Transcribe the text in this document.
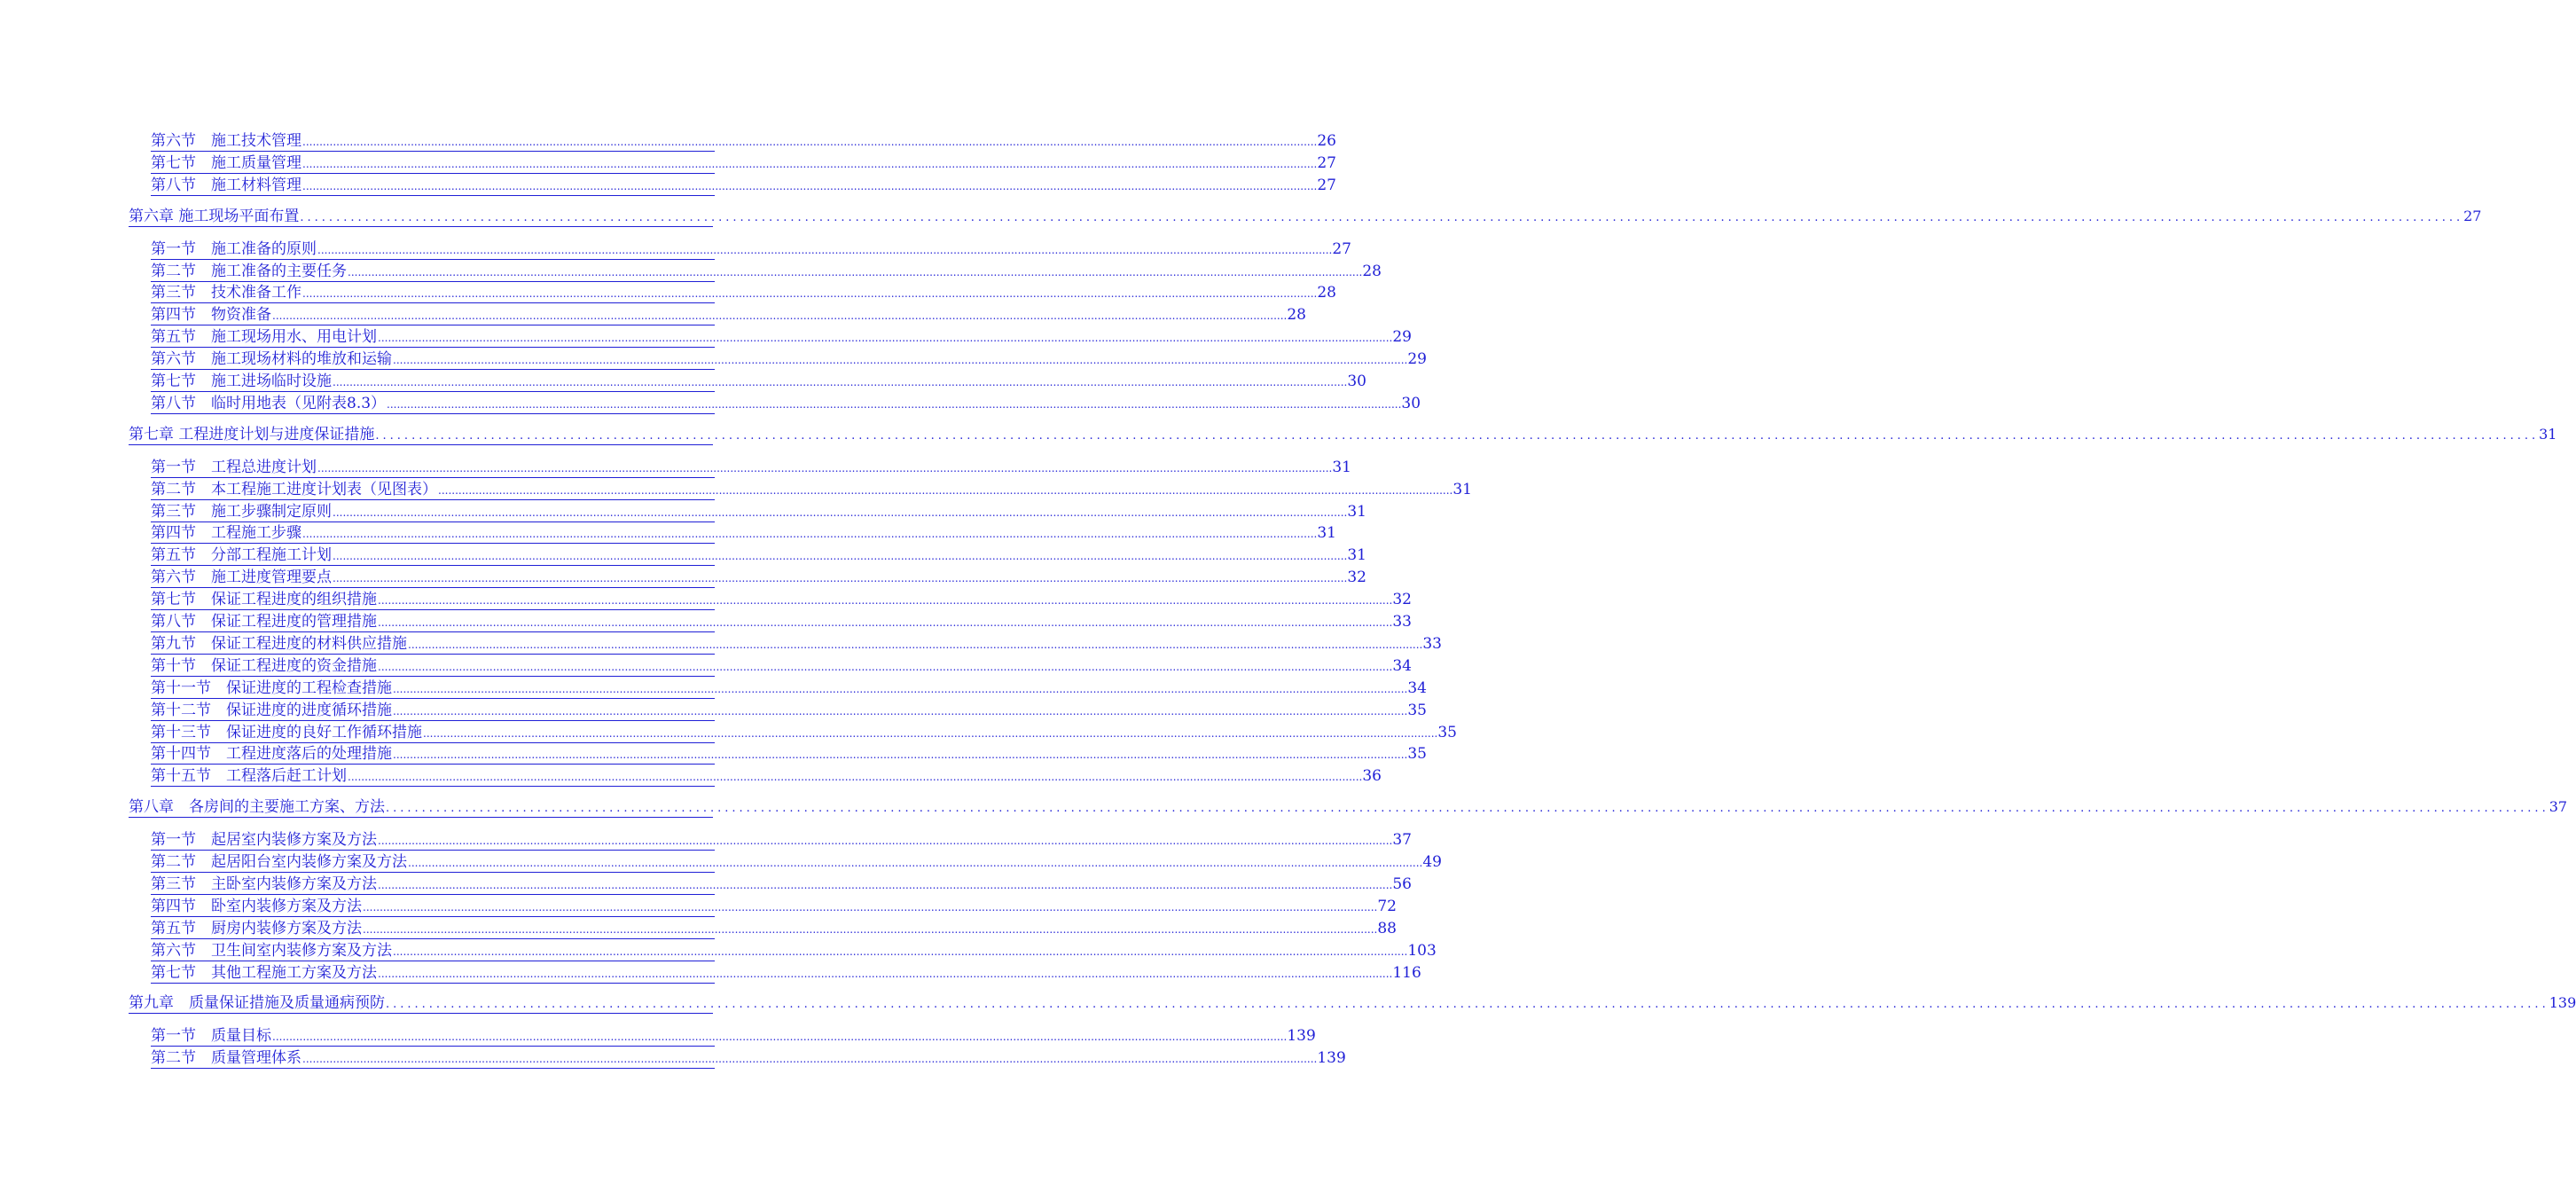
第六节　施工技术管理 ............................................................................................................................................................................................................................................................................................................ 26
第七节　施工质量管理 ............................................................................................................................................................................................................................................................................................................ 27
第八节　施工材料管理 ............................................................................................................................................................................................................................................................................................................ 27
第六章 施工现场平面布置 ............................................................................................................................................................................................................................................................................................................ 27
第一节　施工准备的原则 ............................................................................................................................................................................................................................................................................................................ 27
第二节　施工准备的主要任务 ............................................................................................................................................................................................................................................................................................................ 28
第三节　技术准备工作 ............................................................................................................................................................................................................................................................................................................ 28
第四节　物资准备 ............................................................................................................................................................................................................................................................................................................ 28
第五节　施工现场用水、用电计划 ............................................................................................................................................................................................................................................................................................................ 29
第六节　施工现场材料的堆放和运输 ............................................................................................................................................................................................................................................................................................................ 29
第七节　施工进场临时设施 ............................................................................................................................................................................................................................................................................................................ 30
第八节　临时用地表（见附表8.3） ............................................................................................................................................................................................................................................................................................................ 30
第七章 工程进度计划与进度保证措施 ............................................................................................................................................................................................................................................................................................................ 31
第一节　工程总进度计划 ............................................................................................................................................................................................................................................................................................................ 31
第二节　本工程施工进度计划表（见图表） ............................................................................................................................................................................................................................................................................................................ 31
第三节　施工步骤制定原则 ............................................................................................................................................................................................................................................................................................................ 31
第四节　工程施工步骤 ............................................................................................................................................................................................................................................................................................................ 31
第五节　分部工程施工计划 ............................................................................................................................................................................................................................................................................................................ 31
第六节　施工进度管理要点 ............................................................................................................................................................................................................................................................................................................ 32
第七节　保证工程进度的组织措施 ............................................................................................................................................................................................................................................................................................................ 32
第八节　保证工程进度的管理措施 ............................................................................................................................................................................................................................................................................................................ 33
第九节　保证工程进度的材料供应措施 ............................................................................................................................................................................................................................................................................................................ 33
第十节　保证工程进度的资金措施 ............................................................................................................................................................................................................................................................................................................ 34
第十一节　保证进度的工程检查措施 ............................................................................................................................................................................................................................................................................................................ 34
第十二节　保证进度的进度循环措施 ............................................................................................................................................................................................................................................................................................................ 35
第十三节　保证进度的良好工作循环措施 ............................................................................................................................................................................................................................................................................................................ 35
第十四节　工程进度落后的处理措施 ............................................................................................................................................................................................................................................................................................................ 35
第十五节　工程落后赶工计划 ............................................................................................................................................................................................................................................................................................................ 36
第八章　各房间的主要施工方案、方法 ............................................................................................................................................................................................................................................................................................................ 37
第一节　起居室内装修方案及方法 ............................................................................................................................................................................................................................................................................................................ 37
第二节　起居阳台室内装修方案及方法 ............................................................................................................................................................................................................................................................................................................ 49
第三节　主卧室内装修方案及方法 ............................................................................................................................................................................................................................................................................................................ 56
第四节　卧室内装修方案及方法 ............................................................................................................................................................................................................................................................................................................ 72
第五节　厨房内装修方案及方法 ............................................................................................................................................................................................................................................................................................................ 88
第六节　卫生间室内装修方案及方法 ............................................................................................................................................................................................................................................................................................................ 103
第七节　其他工程施工方案及方法 ............................................................................................................................................................................................................................................................................................................ 116
第九章　质量保证措施及质量通病预防 ............................................................................................................................................................................................................................................................................................................ 139
第一节　质量目标 ............................................................................................................................................................................................................................................................................................................ 139
第二节　质量管理体系 ............................................................................................................................................................................................................................................................................................................ 139
